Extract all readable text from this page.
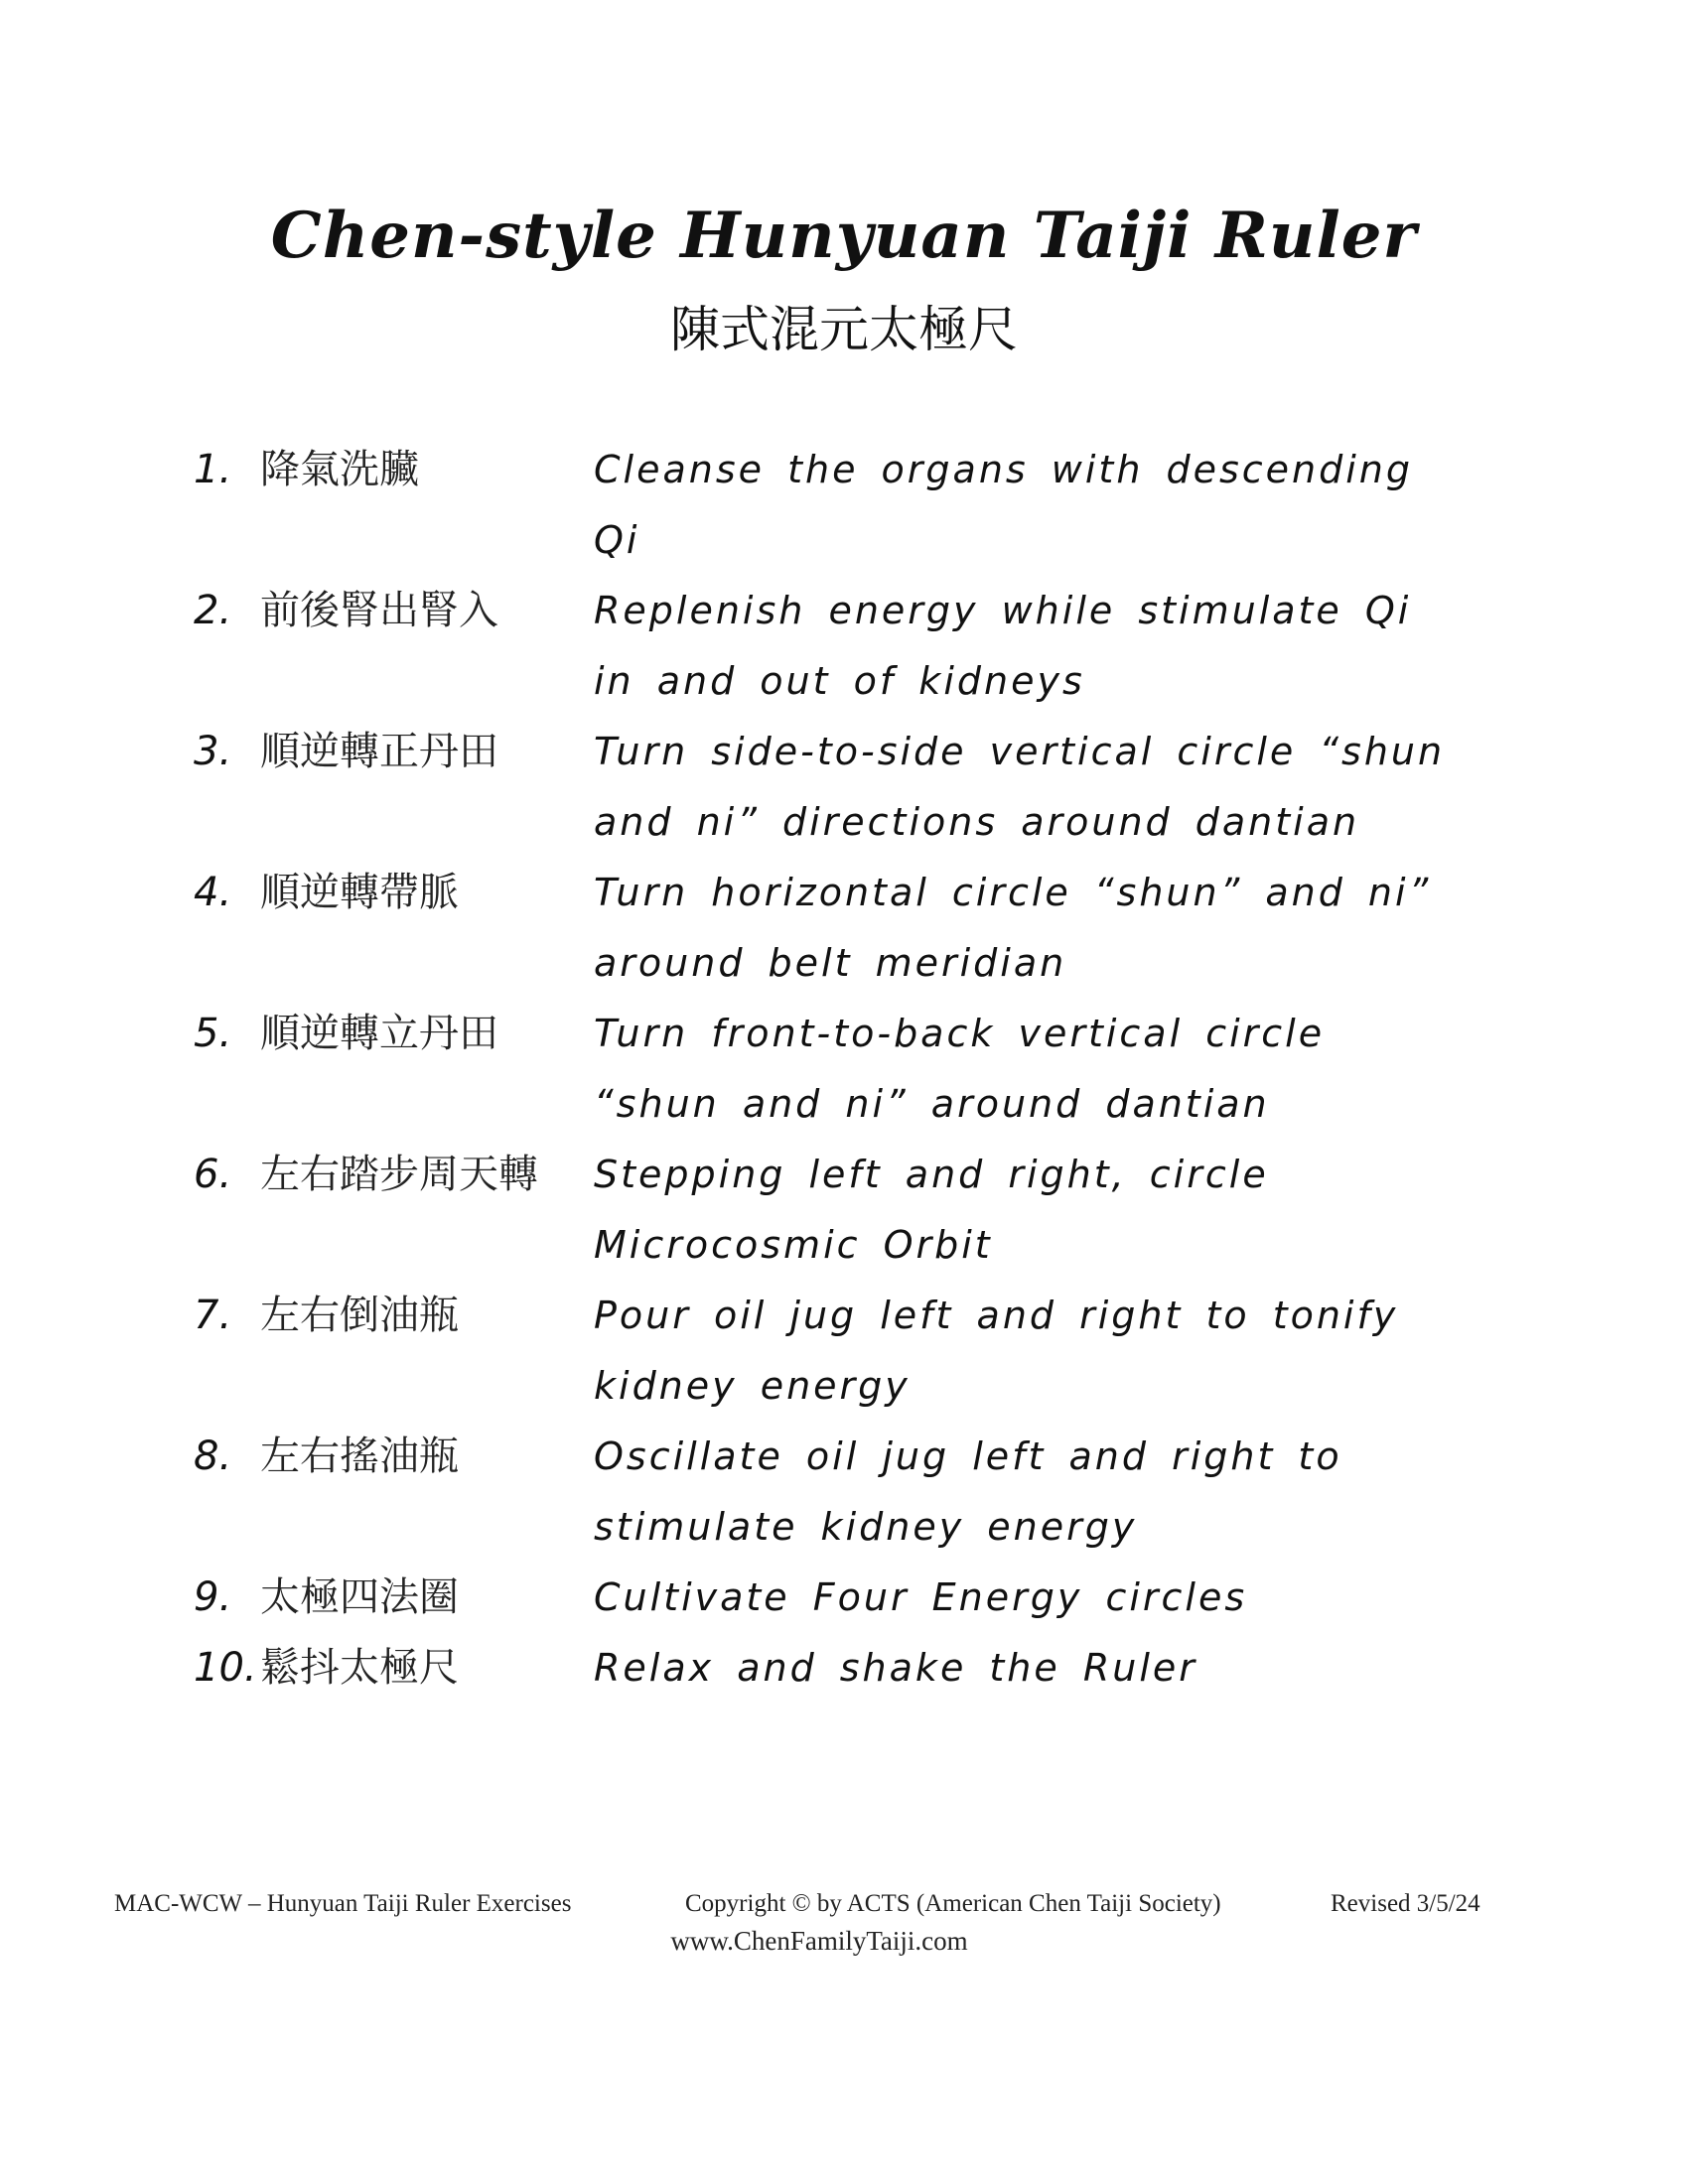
Chen-style Hunyuan Taiji Ruler
陳式混元太極尺
1. 降氣洗臟	Cleanse the organs with descending Qi
2. 前後腎出腎入	Replenish energy while stimulate Qi in and out of kidneys
3. 順逆轉正丹田	Turn side-to-side vertical circle “shun and ni” directions around dantian
4. 順逆轉帶脈	Turn horizontal circle “shun” and ni” around belt meridian
5. 順逆轉立丹田	Turn front-to-back vertical circle “shun and ni” around dantian
6. 左右踏步周天轉 Stepping left and right, circle Microcosmic Orbit
7. 左右倒油瓶	Pour oil jug left and right to tonify kidney energy
8. 左右搖油瓶	Oscillate oil jug left and right to stimulate kidney energy
9. 太極四法圈	Cultivate Four Energy circles
10. 鬆抖太極尺	Relax and shake the Ruler
MAC-WCW – Hunyuan Taiji Ruler Exercises	Copyright © by ACTS (American Chen Taiji Society)	Revised 3/5/24
www.ChenFamilyTaiji.com
